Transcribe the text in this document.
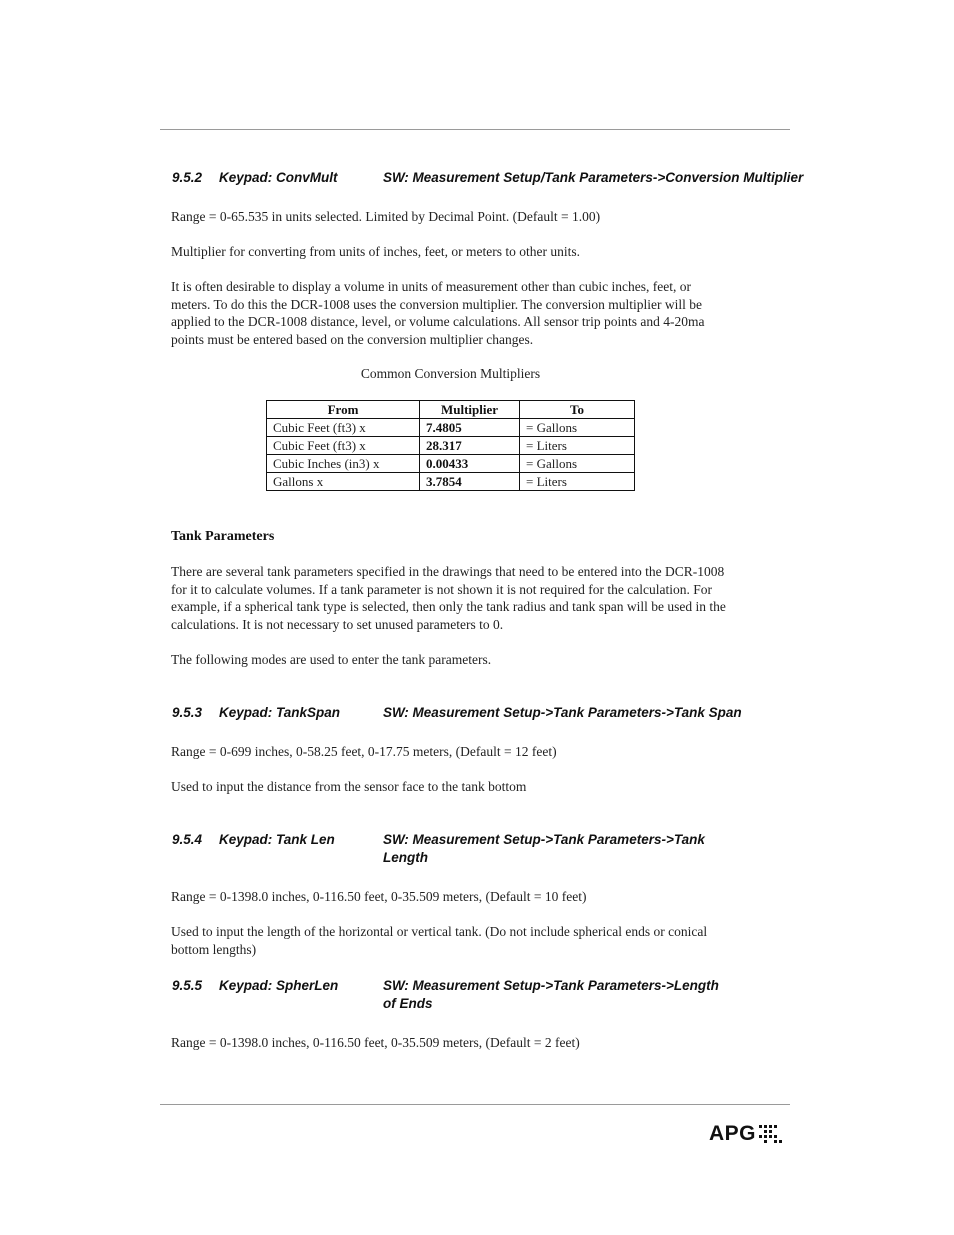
9.5.2 Keypad: ConvMult	SW: Measurement Setup/Tank Parameters->Conversion Multiplier

Range = 0-65.535 in units selected. Limited by Decimal Point. (Default = 1.00)

Multiplier for converting from units of inches, feet, or meters to other units.

It is often desirable to display a volume in units of measurement other than cubic inches, feet, or meters. To do this the DCR-1008 uses the conversion multiplier. The conversion multiplier will be applied to the DCR-1008 distance, level, or volume calculations. All sensor trip points and 4-20ma points must be entered based on the conversion multiplier changes.

Common Conversion Multipliers
From	Multiplier	To
Cubic Feet (ft3) x	7.4805	= Gallons
Cubic Feet (ft3) x	28.317	= Liters
Cubic Inches (in3) x	0.00433	= Gallons
Gallons x	3.7854	= Liters
Tank Parameters

There are several tank parameters specified in the drawings that need to be entered into the DCR-1008 for it to calculate volumes. If a tank parameter is not shown it is not required for the calculation. For example, if a spherical tank type is selected, then only the tank radius and tank span will be used in the calculations. It is not necessary to set unused parameters to 0.

The following modes are used to enter the tank parameters.

9.5.3 Keypad: TankSpan	SW: Measurement Setup->Tank Parameters->Tank Span

Range = 0-699 inches, 0-58.25 feet, 0-17.75 meters, (Default = 12 feet)

Used to input the distance from the sensor face to the tank bottom

9.5.4 Keypad: Tank Len	SW: Measurement Setup->Tank Parameters->Tank Length

Range = 0-1398.0 inches, 0-116.50 feet, 0-35.509 meters, (Default = 10 feet)

Used to input the length of the horizontal or vertical tank. (Do not include spherical ends or conical bottom lengths)

9.5.5 Keypad: SpherLen	SW: Measurement Setup->Tank Parameters->Length of Ends

Range = 0-1398.0 inches, 0-116.50 feet, 0-35.509 meters, (Default = 2 feet)

APG
